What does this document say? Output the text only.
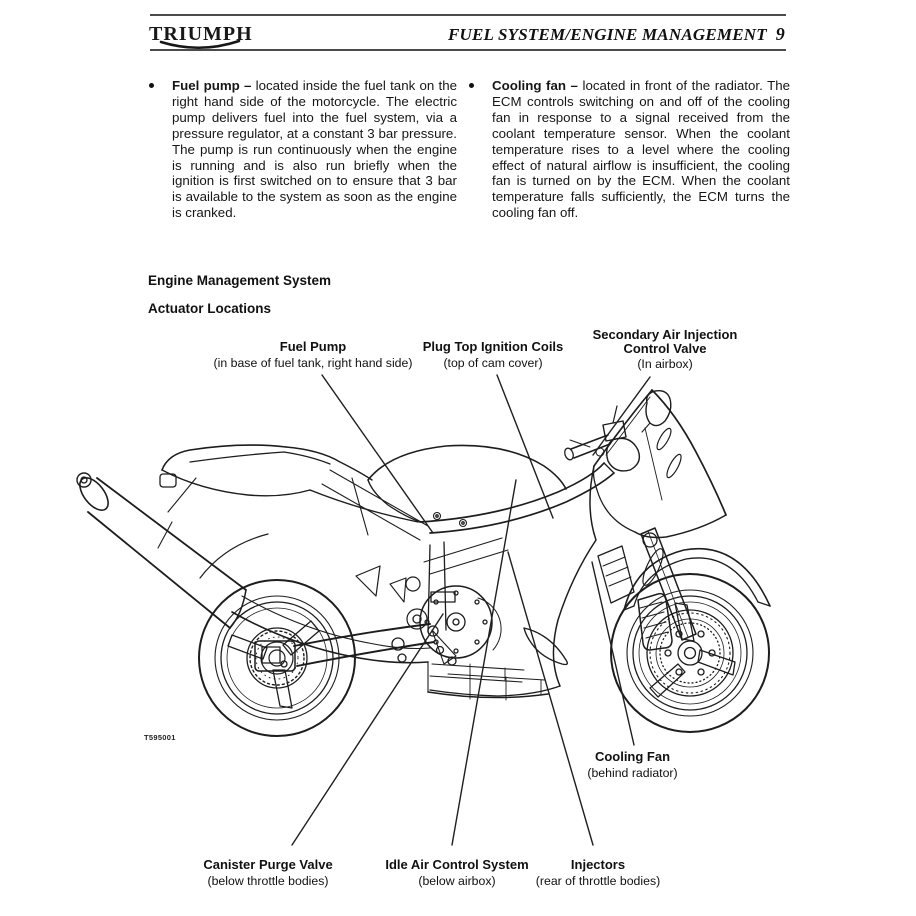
TRIUMPH	FUEL SYSTEM/ENGINE MANAGEMENT 9
Fuel pump – located inside the fuel tank on the right hand side of the motorcycle. The electric pump delivers fuel into the fuel system, via a pressure regulator, at a constant 3 bar pressure. The pump is run continuously when the engine is running and is also run briefly when the ignition is first switched on to ensure that 3 bar is available to the system as soon as the engine is cranked.
Cooling fan – located in front of the radiator. The ECM controls switching on and off of the cooling fan in response to a signal received from the coolant temperature sensor. When the coolant temperature rises to a level where the cooling effect of natural airflow is insufficient, the cooling fan is turned on by the ECM. When the coolant temperature falls sufficiently, the ECM turns the cooling fan off.
Engine Management System
Actuator Locations
Fuel Pump
(in base of fuel tank, right hand side)
Plug Top Ignition Coils
(top of cam cover)
Secondary Air Injection
Control Valve
(In airbox)
Cooling Fan
(behind radiator)
Canister Purge Valve
(below throttle bodies)
Idle Air Control System
(below airbox)
Injectors
(rear of throttle bodies)
T595001
